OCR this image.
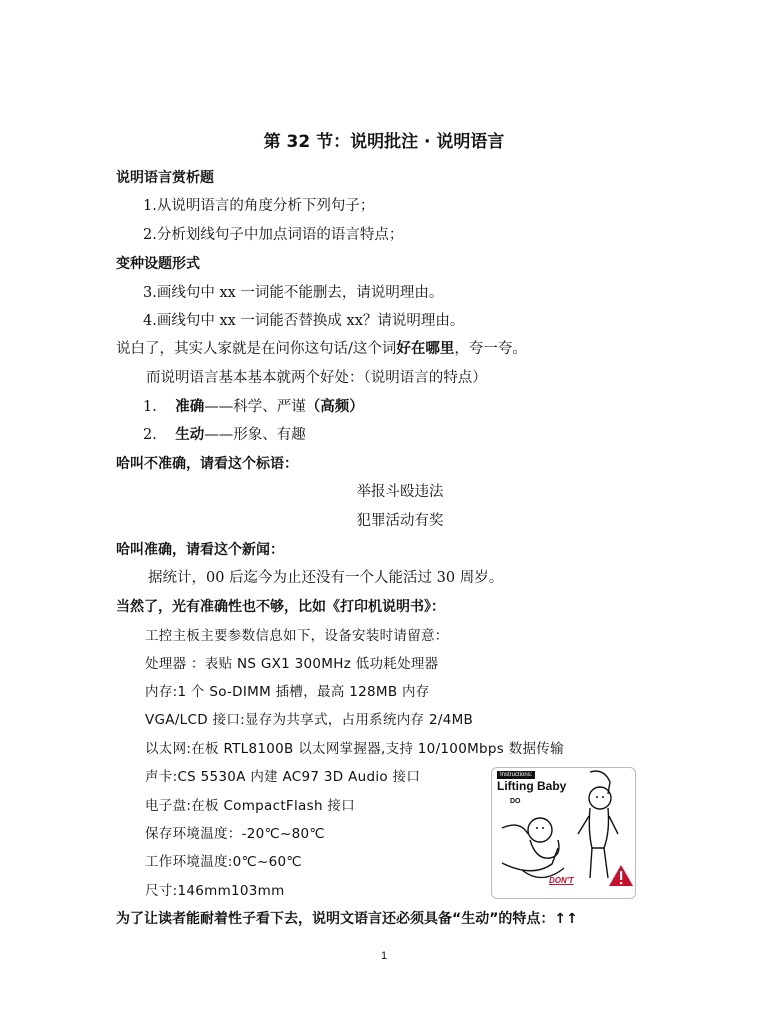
第 32 节：说明批注 · 说明语言
说明语言赏析题
1.从说明语言的角度分析下列句子；
2.分析划线句子中加点词语的语言特点；
变种设题形式
3.画线句中 xx 一词能不能删去，请说明理由。
4.画线句中 xx 一词能否替换成 xx？请说明理由。
说白了，其实人家就是在问你这句话/这个词好在哪里，夸一夸。
而说明语言基本基本就两个好处：（说明语言的特点）
1. 准确——科学、严谨（高频）
2. 生动——形象、有趣
哈叫不准确，请看这个标语：
举报斗殴违法
犯罪活动有奖
哈叫准确，请看这个新闻：
据统计，00 后迄今为止还没有一个人能活过 30 周岁。
当然了，光有准确性也不够，比如《打印机说明书》：
工控主板主要参数信息如下，设备安装时请留意：
处理器 ：表贴 NS GX1 300MHz 低功耗处理器
内存:1 个 So-DIMM 插槽，最高 128MB 内存
VGA/LCD 接口:显存为共享式，占用系统内存 2/4MB
以太网:在板 RTL8100B 以太网掌握器,支持 10/100Mbps 数据传输
声卡:CS 5530A 内建 AC97 3D Audio 接口
电子盘:在板 CompactFlash 接口
保存环境温度：-20℃~80℃
工作环境温度:0℃~60℃
尺寸:146mm103mm
Instructions:
Lifting Baby
DO
DON'T
为了让读者能耐着性子看下去，说明文语言还必须具备“生动”的特点：↑↑
1
